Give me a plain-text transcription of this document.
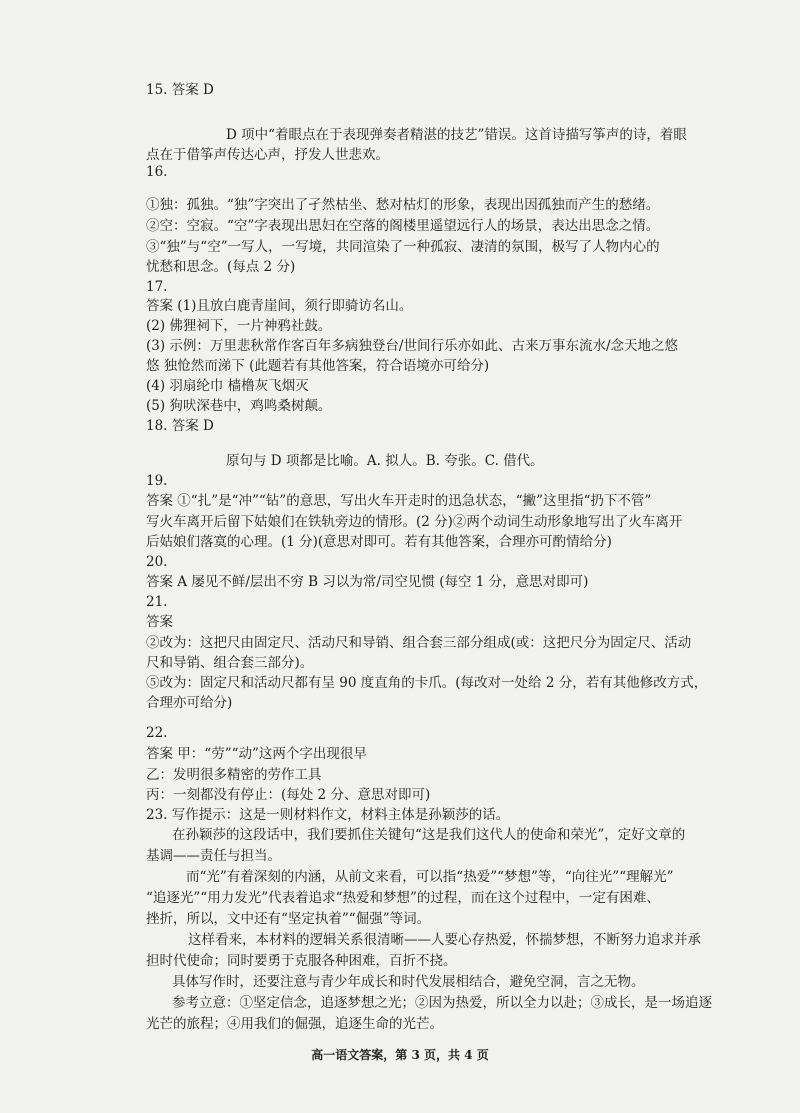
15. 答案 D
D 项中“着眼点在于表现弹奏者精湛的技艺”错误。这首诗描写筝声的诗，着眼
点在于借筝声传达心声，抒发人世悲欢。
16.
①独：孤独。“独”字突出了孑然枯坐、愁对枯灯的形象，表现出因孤独而产生的愁绪。
②空：空寂。“空”字表现出思妇在空落的阁楼里遥望远行人的场景，表达出思念之情。
③“独”与“空”一写人，一写境，共同渲染了一种孤寂、凄清的氛围，极写了人物内心的
忧愁和思念。(每点 2 分)
17.
答案 (1)且放白鹿青崖间，须行即骑访名山。
(2) 佛狸祠下，一片神鸦社鼓。
(3) 示例：万里悲秋常作客百年多病独登台/世间行乐亦如此、古来万事东流水/念天地之悠
悠 独怆然而涕下 (此题若有其他答案，符合语境亦可给分)
(4) 羽扇纶巾 樯橹灰飞烟灭
(5) 狗吠深巷中，鸡鸣桑树颠。
18. 答案 D
原句与 D 项都是比喻。A. 拟人。B. 夸张。C. 借代。
19.
答案 ①“扎”是“冲”“钻”的意思，写出火车开走时的迅急状态，“撇”这里指“扔下不管”
写火车离开后留下姑娘们在铁轨旁边的情形。(2 分)②两个动词生动形象地写出了火车离开
后姑娘们落寞的心理。(1 分)(意思对即可。若有其他答案，合理亦可酌情给分)
20.
答案 A 屡见不鲜/层出不穷 B 习以为常/司空见惯 (每空 1 分，意思对即可)
21.
答案
②改为：这把尺由固定尺、活动尺和导销、组合套三部分组成(或：这把尺分为固定尺、活动
尺和导销、组合套三部分)。
⑤改为：固定尺和活动尺都有呈 90 度直角的卡爪。(每改对一处给 2 分，若有其他修改方式，
合理亦可给分)
22.
答案 甲：“劳”“动”这两个字出现很早
乙：发明很多精密的劳作工具
丙：一刻都没有停止：(每处 2 分、意思对即可)
23. 写作提示：这是一则材料作文，材料主体是孙颖莎的话。
在孙颖莎的这段话中，我们要抓住关键句“这是我们这代人的使命和荣光”，定好文章的
基调——责任与担当。
而“光”有着深刻的内涵，从前文来看，可以指“热爱”“梦想”等，“向往光”“理解光”
“追逐光”“用力发光”代表着追求“热爱和梦想”的过程，而在这个过程中，一定有困难、
挫折，所以，文中还有“坚定执着”“倔强”等词。
这样看来，本材料的逻辑关系很清晰——人要心存热爱，怀揣梦想，不断努力追求并承
担时代使命；同时要勇于克服各种困难，百折不挠。
具体写作时，还要注意与青少年成长和时代发展相结合，避免空洞，言之无物。
参考立意：①坚定信念，追逐梦想之光；②因为热爱，所以全力以赴；③成长，是一场追逐
光芒的旅程；④用我们的倔强，追逐生命的光芒。
高一语文答案，第 3 页，共 4 页
